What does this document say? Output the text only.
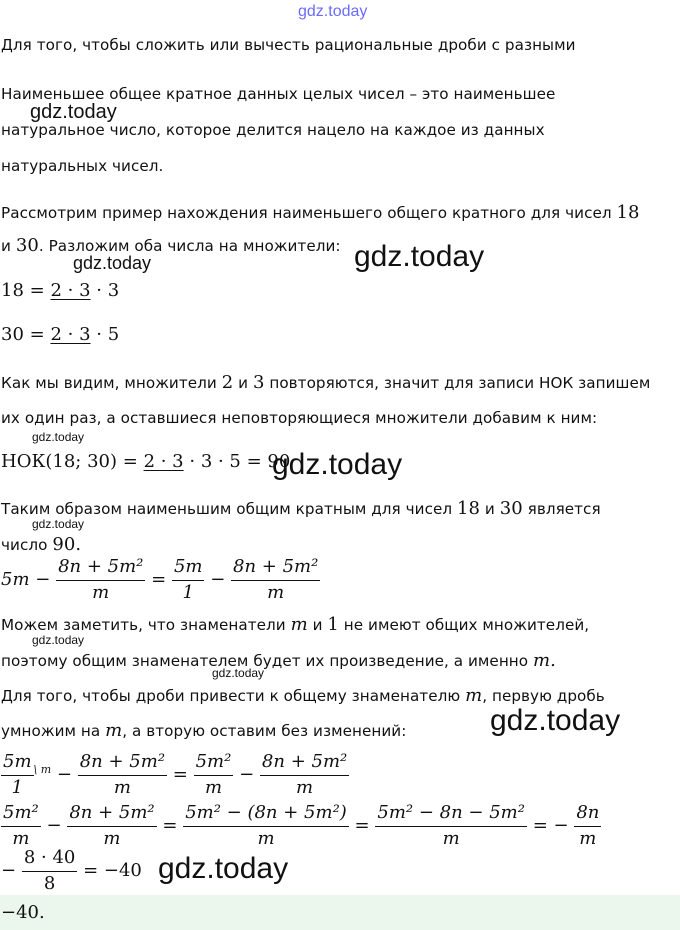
gdz.today
gdz.today
gdz.today	gdz.today
gdz.today
gdz.today
gdz.today
gdz.today
gdz.today
gdz.today
gdz.today
Для того, чтобы сложить или вычесть рациональные дроби с разными
Наименьшее общее кратное данных целых чисел – это наименьшее
натуральное число, которое делится нацело на каждое из данных
натуральных чисел.
Рассмотрим пример нахождения наименьшего общего кратного для чисел 18
и 30. Разложим оба числа на множители:
18 = 2 · 3 · 3
30 = 2 · 3 · 5
Как мы видим, множители 2 и 3 повторяются, значит для записи НОК запишем
их один раз, а оставшиеся неповторяющиеся множители добавим к ним:
НОК(18; 30) = 2 · 3 · 3 · 5 = 90
Таким образом наименьшим общим кратным для чисел 18 и 30 является
число 90.
$5m - \frac{\text{8n + 5m²}}{m} = \frac{5m}{1} - \frac{\text{8n + 5m²}}{m}$
Можем заметить, что знаменатели m и 1 не имеют общих множителей,
поэтому общим знаменателем будет их произведение, а именно m.
Для того, чтобы дроби привести к общему знаменателю m, первую дробь
умножим на m, а вторую оставим без изменений:
$\frac{5m}{1} ^{\backslash m} - \frac{\text{8n + 5m²}}{m} = \frac{\text{5m²}}{m} - \frac{\text{8n + 5m²}}{m}$
$\frac{\text{5m²}}{m} - \frac{\text{8n + 5m²}}{m} = \frac{\text{5m² − (8n + 5m²)}}{m} = \frac{\text{5m² − 8n − 5m²}}{m}$ = − $\frac{8n}{m}$
− $\frac{8 \cdot 40}{8} = -40$
−40.
